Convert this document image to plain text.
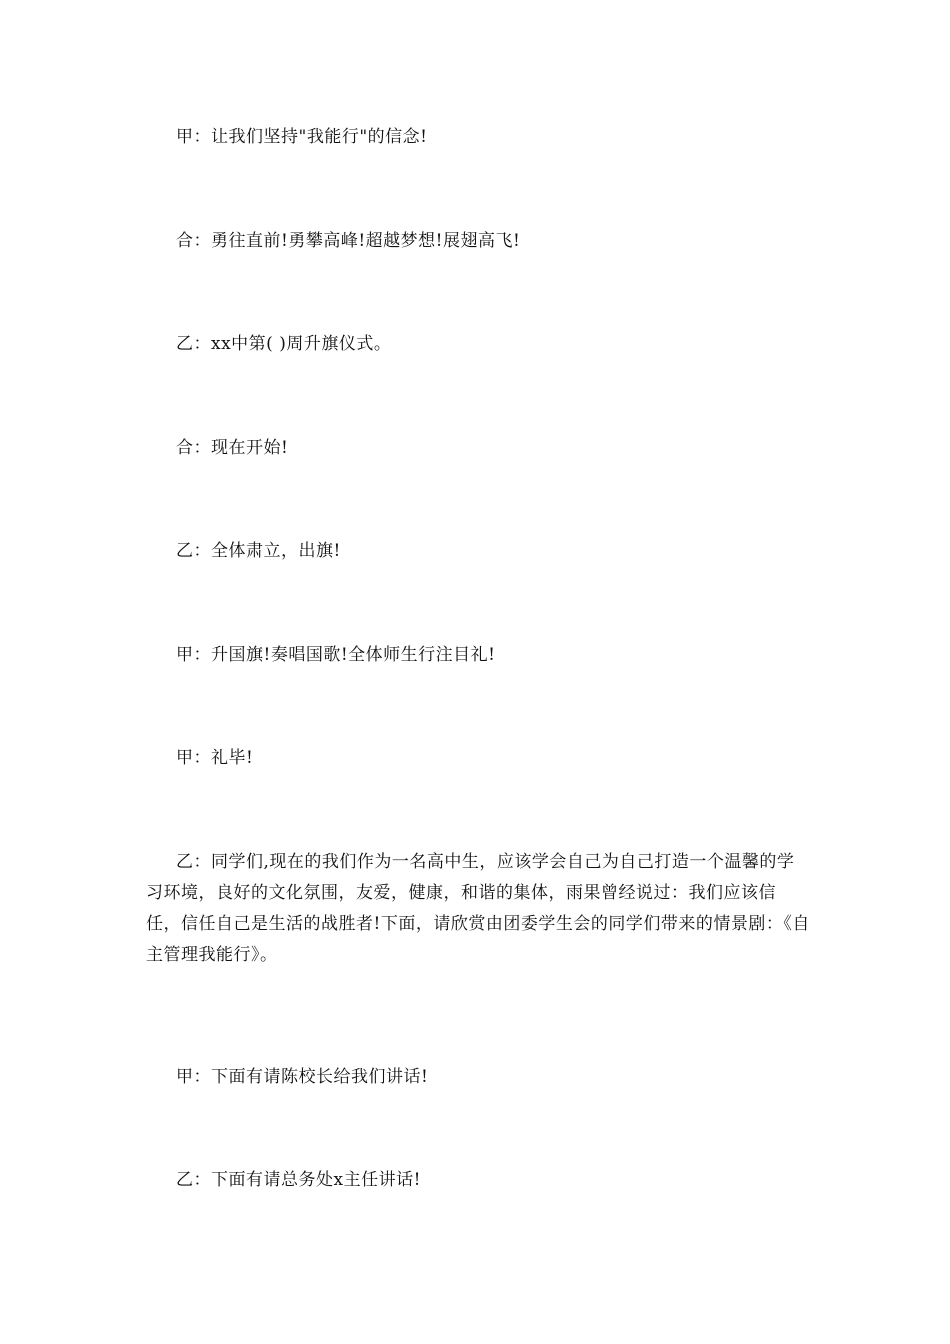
甲：让我们坚持"我能行"的信念!
合：勇往直前!勇攀高峰!超越梦想!展翅高飞!
乙：xx中第( )周升旗仪式。
合：现在开始!
乙：全体肃立，出旗!
甲：升国旗!奏唱国歌!全体师生行注目礼!
甲：礼毕!
乙：同学们,现在的我们作为一名高中生，应该学会自己为自己打造一个温馨的学习环境，良好的文化氛围，友爱，健康，和谐的集体，雨果曾经说过：我们应该信任，信任自己是生活的战胜者!下面，请欣赏由团委学生会的同学们带来的情景剧：《自主管理我能行》。
甲：下面有请陈校长给我们讲话!
乙：下面有请总务处x主任讲话!
